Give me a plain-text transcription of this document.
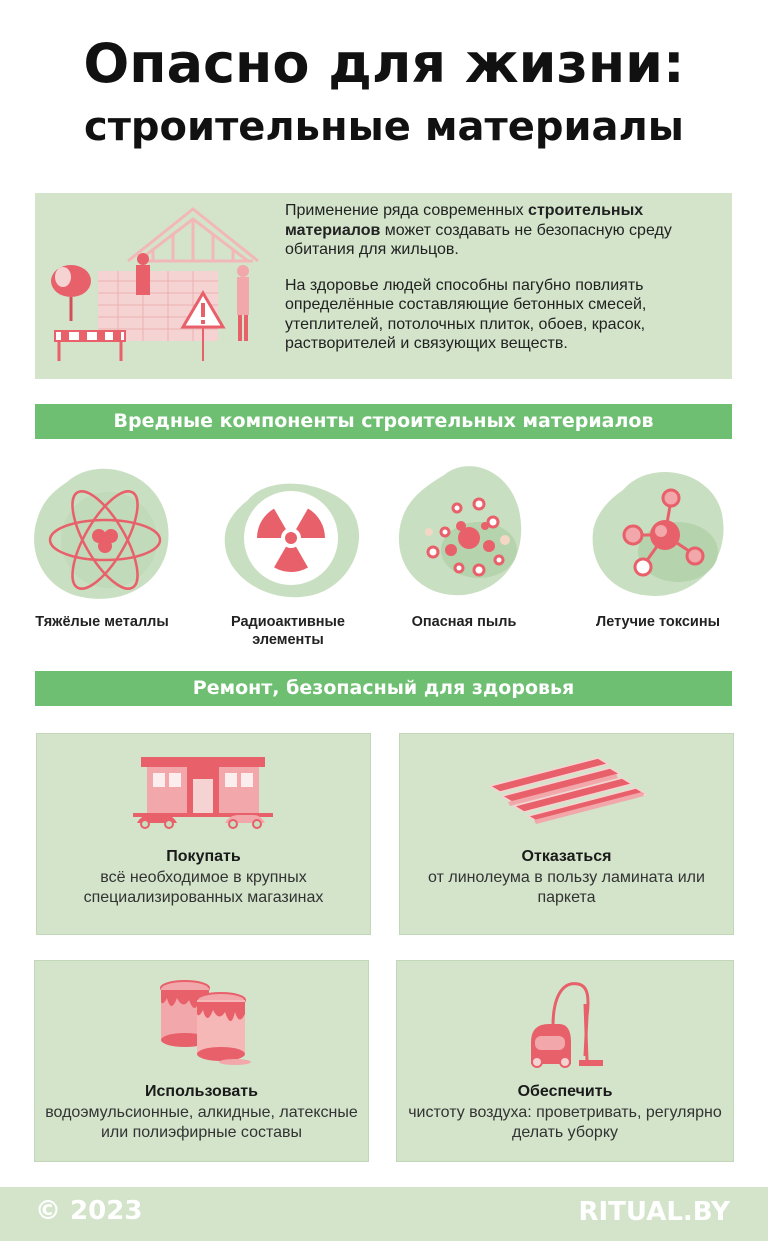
Опасно для жизни:
строительные материалы

Применение ряда современных строительных материалов может создавать не безопасную среду обитания для жильцов.

На здоровье людей способны пагубно повлиять определённые составляющие бетонных смесей, утеплителей, потолочных плиток, обоев, красок, растворителей и связующих веществ.

Вредные компоненты строительных материалов
Тяжёлые металлы	Радиоактивные элементы
Опасная пыль	Летучие токсины
Ремонт, безопасный для здоровья
Покупать
всё необходимое в крупных специализированных магазинах
Отказаться
от линолеума в пользу ламината или паркета
Использовать
водоэмульсионные, алкидные, латексные или полиэфирные составы
Обеспечить
чистоту воздуха: проветривать, регулярно делать уборку
© 2023	RITUAL.BY
